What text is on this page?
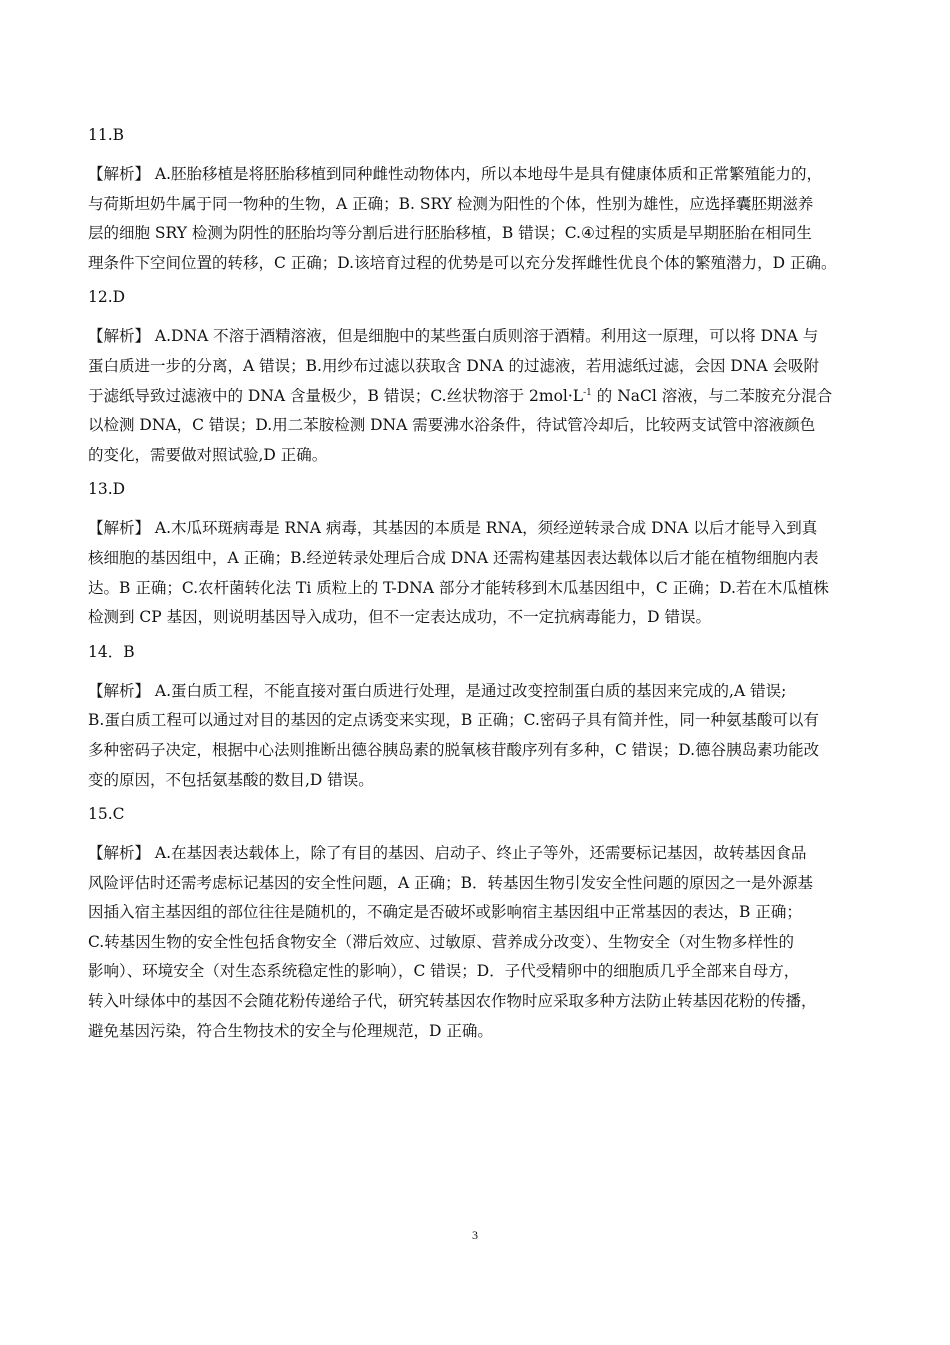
11.B

【解析】 A.胚胎移植是将胚胎移植到同种雌性动物体内，所以本地母牛是具有健康体质和正常繁殖能力的，

与荷斯坦奶牛属于同一物种的生物，A 正确；B. SRY 检测为阳性的个体，性别为雄性，应选择囊胚期滋养

层的细胞 SRY 检测为阴性的胚胎均等分割后进行胚胎移植，B 错误；C.④过程的实质是早期胚胎在相同生

理条件下空间位置的转移，C 正确；D.该培育过程的优势是可以充分发挥雌性优良个体的繁殖潜力，D 正确。

12.D

【解析】 A.DNA 不溶于酒精溶液，但是细胞中的某些蛋白质则溶于酒精。利用这一原理，可以将 DNA 与

蛋白质进一步的分离，A 错误；B.用纱布过滤以获取含 DNA 的过滤液，若用滤纸过滤，会因 DNA 会吸附

于滤纸导致过滤液中的 DNA 含量极少，B 错误；C.丝状物溶于 $2mol\cdot L^{-1}$ 的 NaCl 溶液，与二苯胺充分混合

以检测 DNA，C 错误；D.用二苯胺检测 DNA 需要沸水浴条件，待试管冷却后，比较两支试管中溶液颜色

的变化，需要做对照试验,D 正确。

13.D

【解析】 A.木瓜环斑病毒是 RNA 病毒，其基因的本质是 RNA，须经逆转录合成 DNA 以后才能导入到真

核细胞的基因组中，A 正确；B.经逆转录处理后合成 DNA 还需构建基因表达载体以后才能在植物细胞内表

达。B 正确；C.农杆菌转化法 Ti 质粒上的 T-DNA 部分才能转移到木瓜基因组中，C 正确；D.若在木瓜植株

检测到 CP 基因，则说明基因导入成功，但不一定表达成功，不一定抗病毒能力，D 错误。

14．B

【解析】 A.蛋白质工程，不能直接对蛋白质进行处理，是通过改变控制蛋白质的基因来完成的,A 错误;

B.蛋白质工程可以通过对目的基因的定点诱变来实现，B 正确；C.密码子具有简并性，同一种氨基酸可以有

多种密码子决定，根据中心法则推断出德谷胰岛素的脱氧核苷酸序列有多种，C 错误；D.德谷胰岛素功能改

变的原因，不包括氨基酸的数目,D 错误。

15.C

【解析】 A.在基因表达载体上，除了有目的基因、启动子、终止子等外，还需要标记基因，故转基因食品

风险评估时还需考虑标记基因的安全性问题，A 正确；B．转基因生物引发安全性问题的原因之一是外源基

因插入宿主基因组的部位往往是随机的，不确定是否破坏或影响宿主基因组中正常基因的表达，B 正确；

C.转基因生物的安全性包括食物安全（滞后效应、过敏原、营养成分改变）、生物安全（对生物多样性的

影响）、环境安全（对生态系统稳定性的影响），C 错误；D．子代受精卵中的细胞质几乎全部来自母方，

转入叶绿体中的基因不会随花粉传递给子代，研究转基因农作物时应采取多种方法防止转基因花粉的传播，

避免基因污染，符合生物技术的安全与伦理规范，D 正确。

3
